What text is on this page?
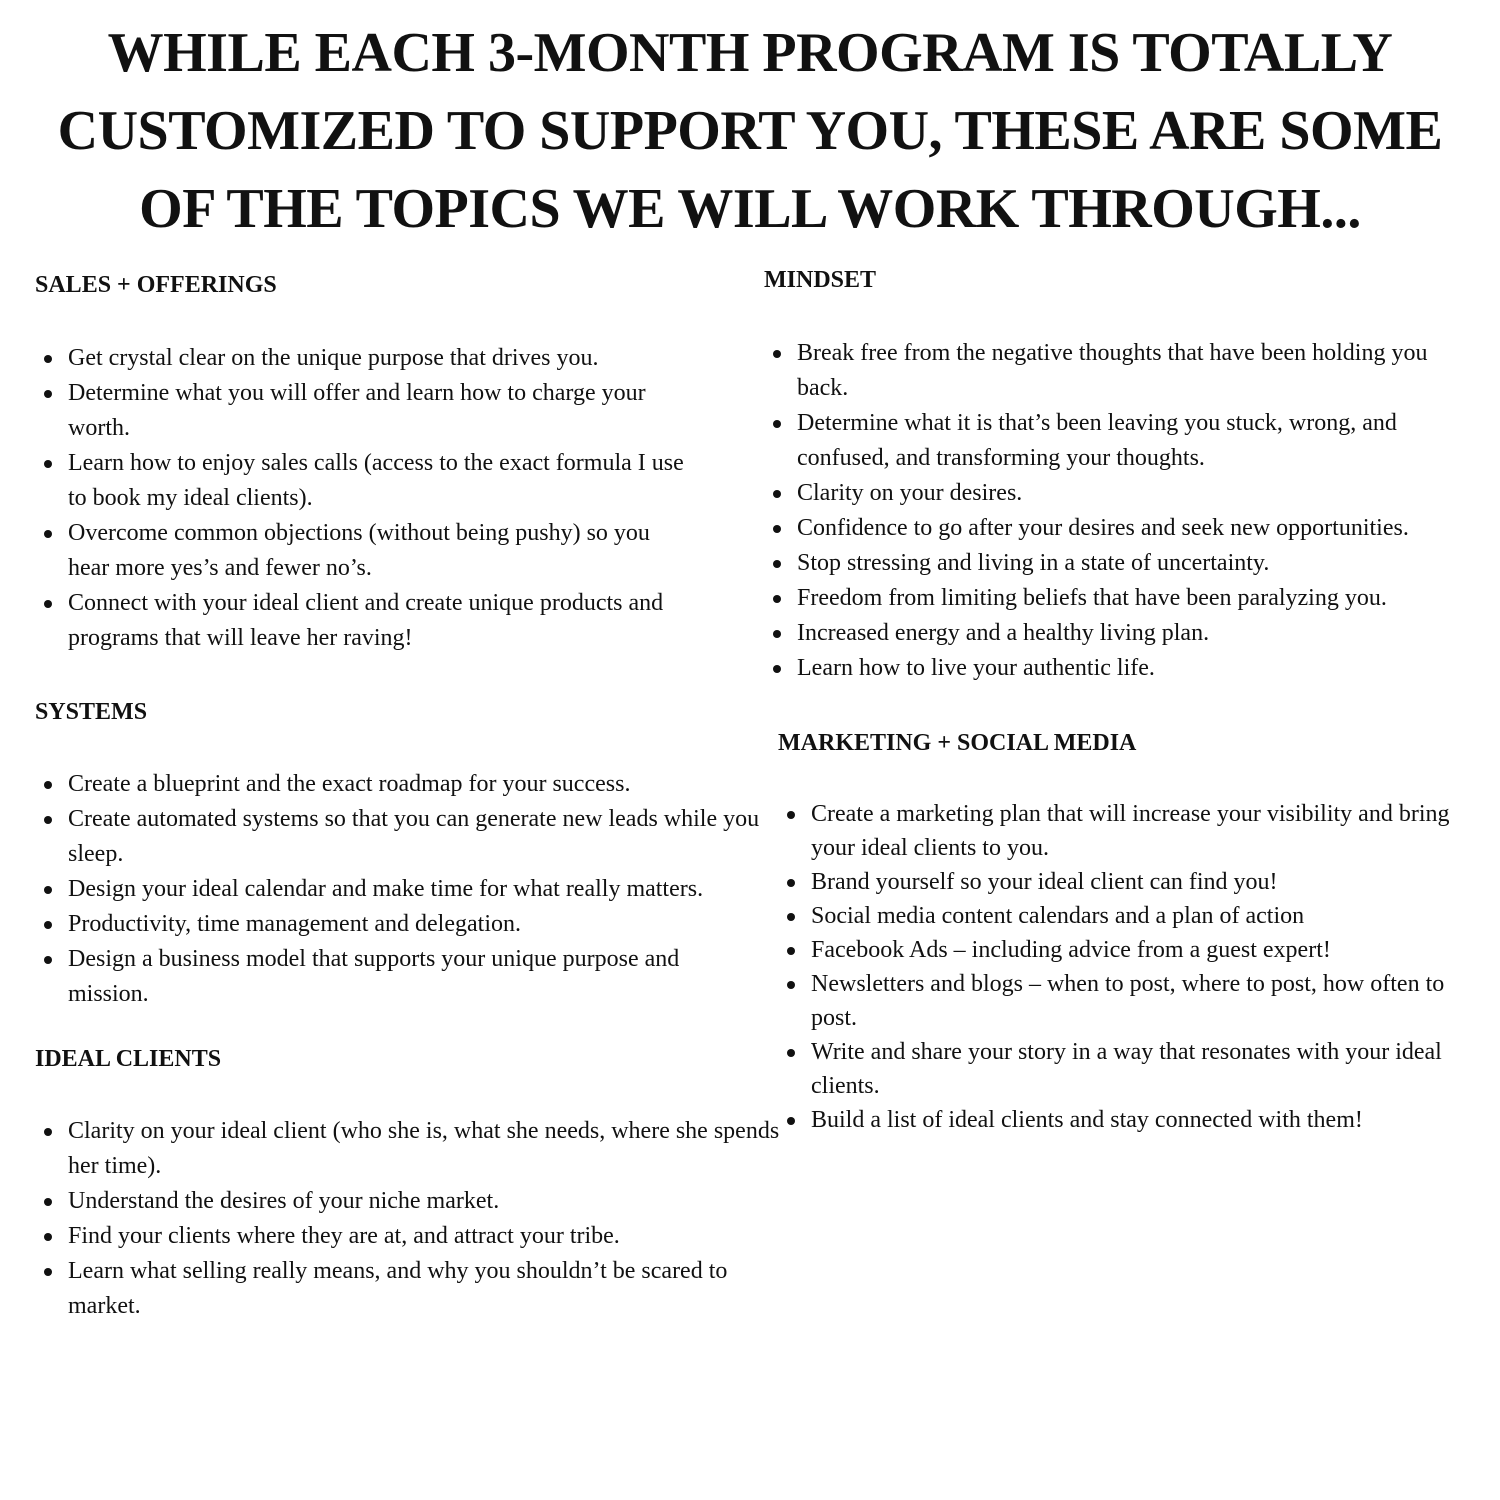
WHILE EACH 3-MONTH PROGRAM IS TOTALLY CUSTOMIZED TO SUPPORT YOU, THESE ARE SOME OF THE TOPICS WE WILL WORK THROUGH...
SALES + OFFERINGS
Get crystal clear on the unique purpose that drives you.
Determine what you will offer and learn how to charge your worth.
Learn how to enjoy sales calls (access to the exact formula I use to book my ideal clients).
Overcome common objections (without being pushy) so you hear more yes’s and fewer no’s.
Connect with your ideal client and create unique products and programs that will leave her raving!
SYSTEMS
Create a blueprint and the exact roadmap for your success.
Create automated systems so that you can generate new leads while you sleep.
Design your ideal calendar and make time for what really matters.
Productivity, time management and delegation.
Design a business model that supports your unique purpose and mission.
IDEAL CLIENTS
Clarity on your ideal client (who she is, what she needs, where she spends her time).
Understand the desires of your niche market.
Find your clients where they are at, and attract your tribe.
Learn what selling really means, and why you shouldn’t be scared to market.
MINDSET
Break free from the negative thoughts that have been holding you back.
Determine what it is that’s been leaving you stuck, wrong, and confused, and transforming your thoughts.
Clarity on your desires.
Confidence to go after your desires and seek new opportunities.
Stop stressing and living in a state of uncertainty.
Freedom from limiting beliefs that have been paralyzing you.
Increased energy and a healthy living plan.
Learn how to live your authentic life.
MARKETING + SOCIAL MEDIA
Create a marketing plan that will increase your visibility and bring your ideal clients to you.
Brand yourself so your ideal client can find you!
Social media content calendars and a plan of action
Facebook Ads – including advice from a guest expert!
Newsletters and blogs – when to post, where to post, how often to post.
Write and share your story in a way that resonates with your ideal clients.
Build a list of ideal clients and stay connected with them!
